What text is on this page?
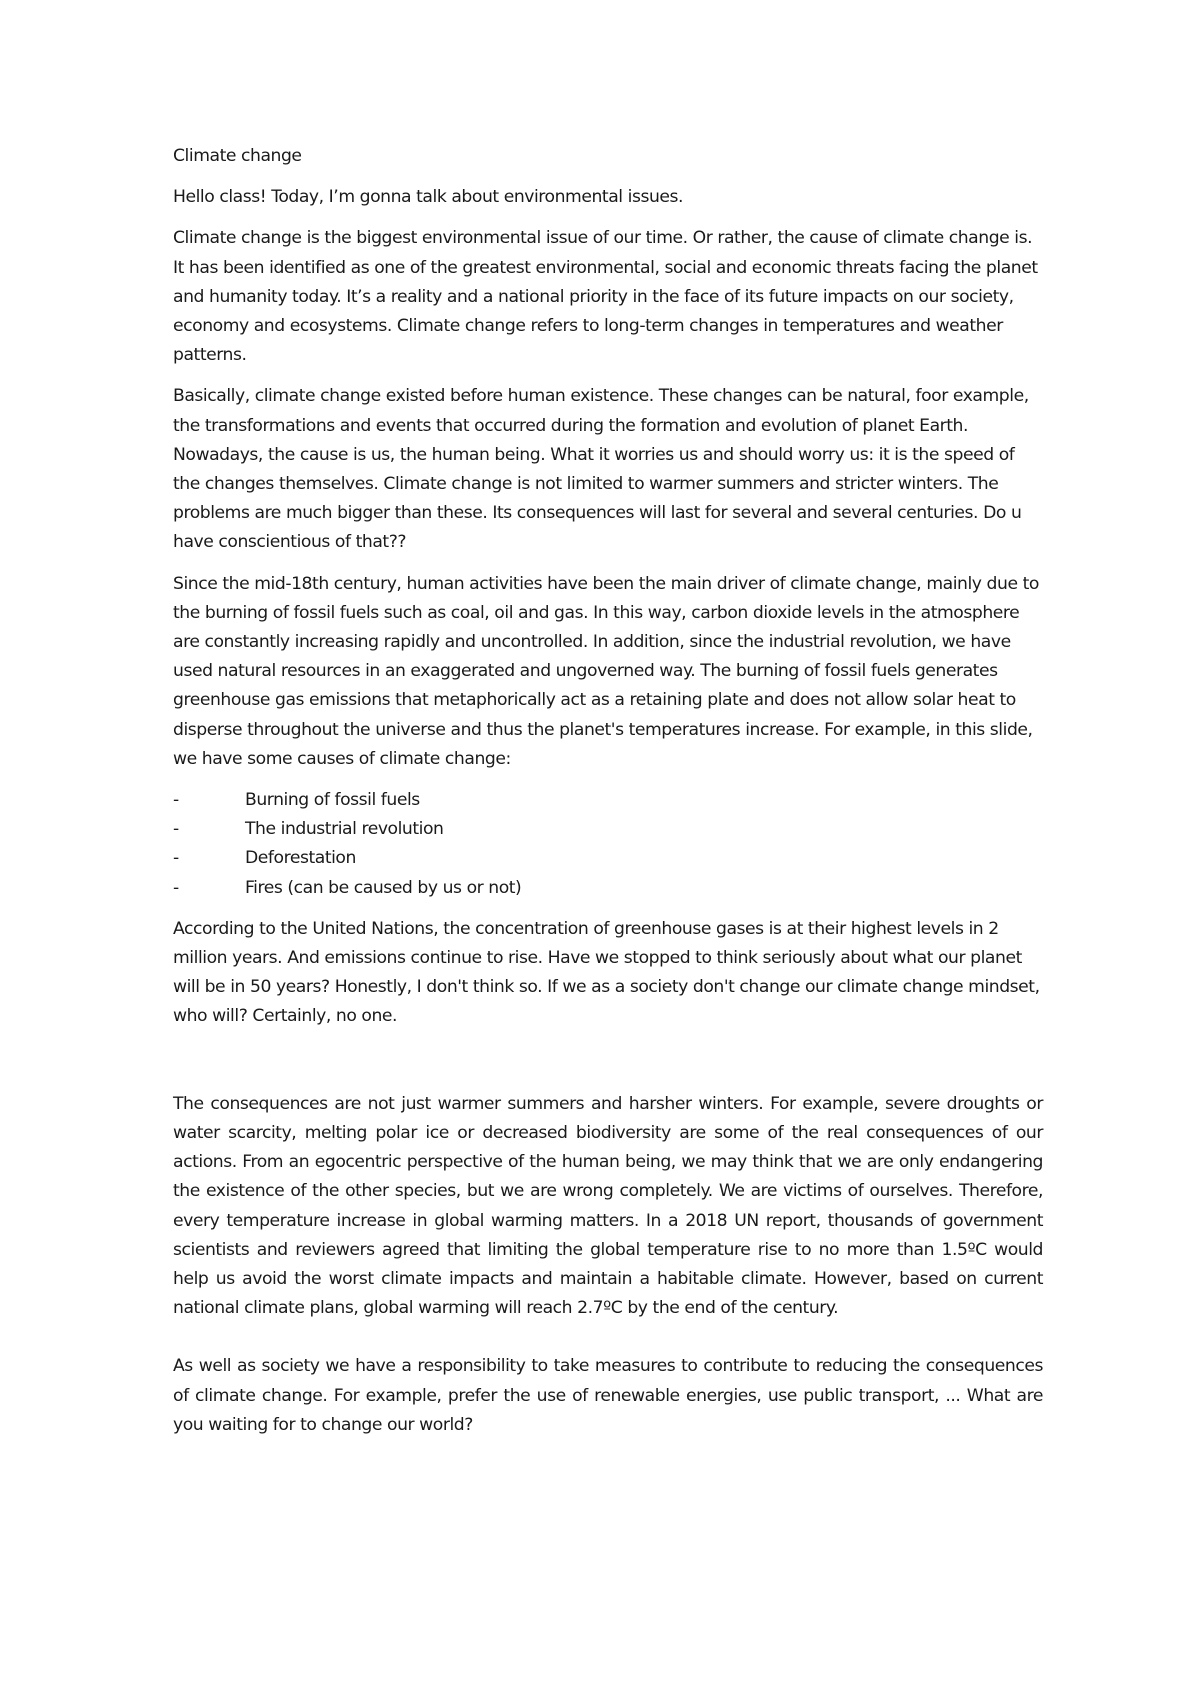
Climate change

Hello class! Today, I’m gonna talk about environmental issues.

Climate change is the biggest environmental issue of our time. Or rather, the cause of climate change is. It has been identified as one of the greatest environmental, social and economic threats facing the planet and humanity today. It’s a reality and a national priority in the face of its future impacts on our society, economy and ecosystems. Climate change refers to long-term changes in temperatures and weather patterns.

Basically, climate change existed before human existence. These changes can be natural, foor example, the transformations and events that occurred during the formation and evolution of planet Earth. Nowadays, the cause is us, the human being. What it worries us and should worry us: it is the speed of the changes themselves. Climate change is not limited to warmer summers and stricter winters. The problems are much bigger than these. Its consequences will last for several and several centuries. Do u have conscientious of that??

Since the mid-18th century, human activities have been the main driver of climate change, mainly due to the burning of fossil fuels such as coal, oil and gas. In this way, carbon dioxide levels in the atmosphere are constantly increasing rapidly and uncontrolled. In addition, since the industrial revolution, we have used natural resources in an exaggerated and ungoverned way. The burning of fossil fuels generates greenhouse gas emissions that metaphorically act as a retaining plate and does not allow solar heat to disperse throughout the universe and thus the planet's temperatures increase. For example, in this slide, we have some causes of climate change:

-	Burning of fossil fuels
-	The industrial revolution
-	Deforestation
-	Fires (can be caused by us or not)

According to the United Nations, the concentration of greenhouse gases is at their highest levels in 2 million years. And emissions continue to rise. Have we stopped to think seriously about what our planet will be in 50 years? Honestly, I don't think so. If we as a society don't change our climate change mindset, who will? Certainly, no one.

The consequences are not just warmer summers and harsher winters. For example, severe droughts or water scarcity, melting polar ice or decreased biodiversity are some of the real consequences of our actions. From an egocentric perspective of the human being, we may think that we are only endangering the existence of the other species, but we are wrong completely. We are victims of ourselves. Therefore, every temperature increase in global warming matters. In a 2018 UN report, thousands of government scientists and reviewers agreed that limiting the global temperature rise to no more than 1.5ºC would help us avoid the worst climate impacts and maintain a habitable climate. However, based on current national climate plans, global warming will reach 2.7ºC by the end of the century.

As well as society we have a responsibility to take measures to contribute to reducing the consequences of climate change. For example, prefer the use of renewable energies, use public transport, ... What are you waiting for to change our world?
